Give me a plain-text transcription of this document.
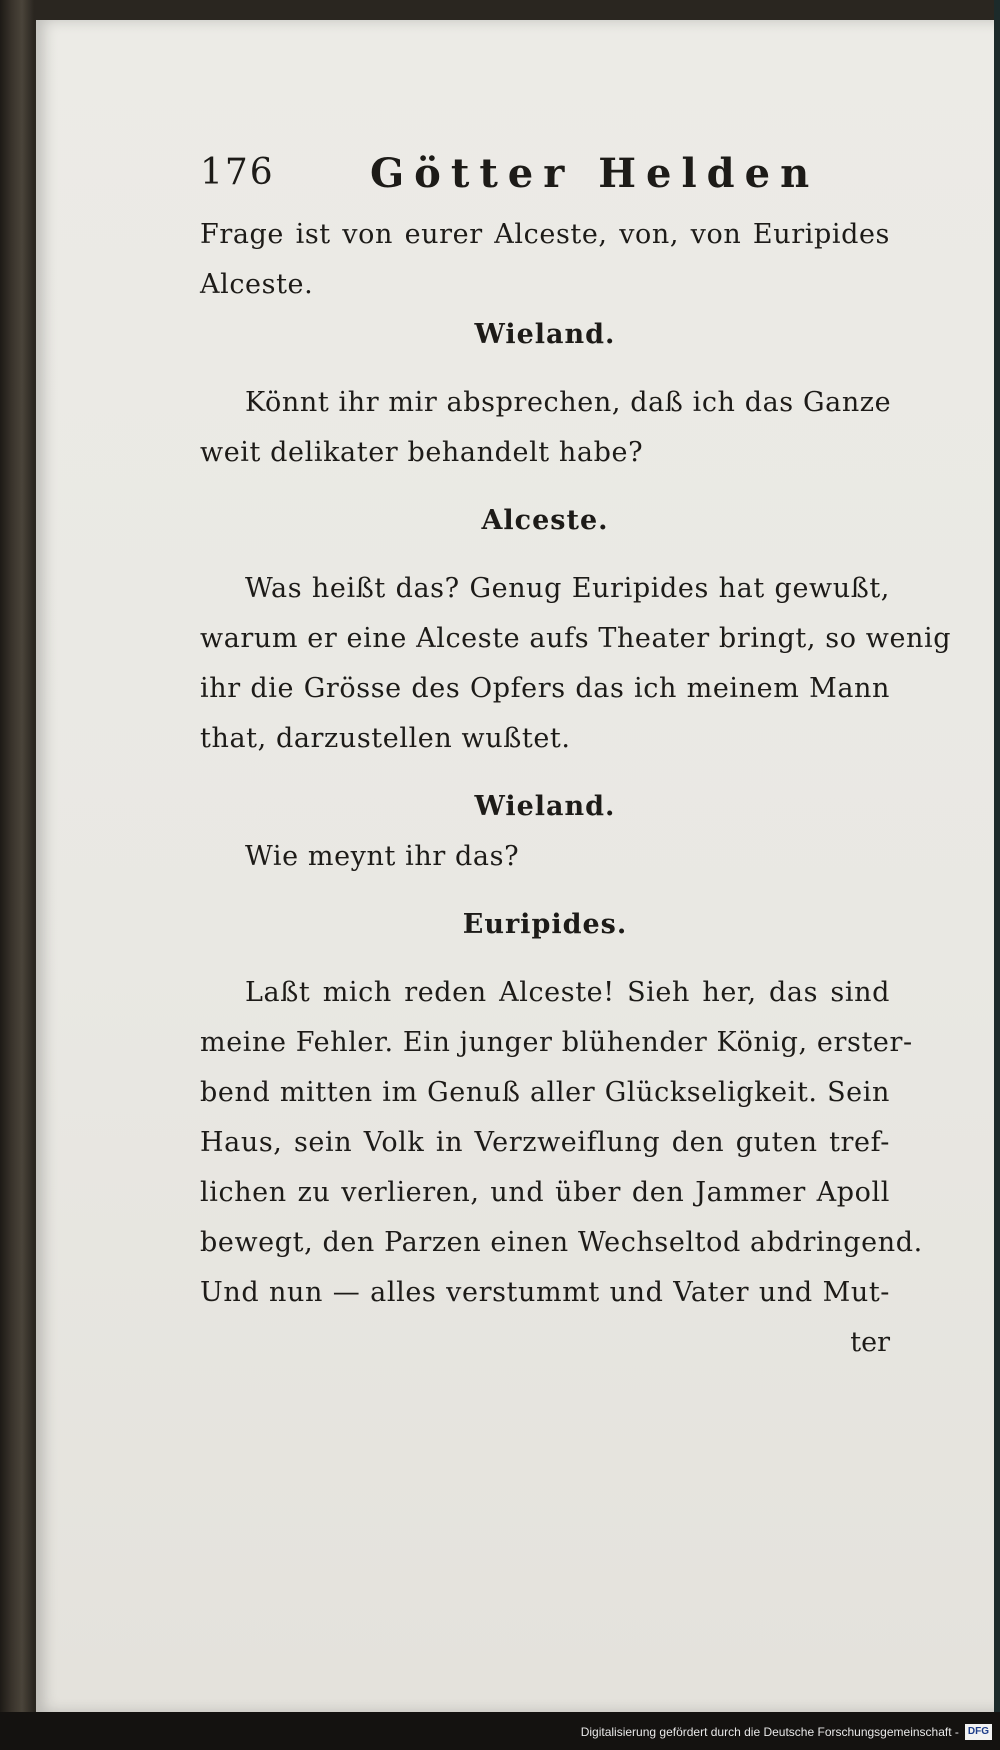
176 Götter Helden
Frage ist von eurer Alceste, von, von Euripides
Alceste.
Wieland.
Könnt ihr mir absprechen, daß ich das Ganze
weit delikater behandelt habe?
Alceste.
Was heißt das? Genug Euripides hat gewußt,
warum er eine Alceste aufs Theater bringt, so wenig
ihr die Grösse des Opfers das ich meinem Mann
that, darzustellen wußtet.
Wieland.
Wie meynt ihr das?
Euripides.
Laßt mich reden Alceste! Sieh her, das sind
meine Fehler. Ein junger blühender König, erster-
bend mitten im Genuß aller Glückseligkeit. Sein
Haus, sein Volk in Verzweiflung den guten tref-
lichen zu verlieren, und über den Jammer Apoll
bewegt, den Parzen einen Wechseltod abdringend.
Und nun — alles verstummt und Vater und Mut-
ter
Digitalisierung gefördert durch die Deutsche Forschungsgemeinschaft - DFG
